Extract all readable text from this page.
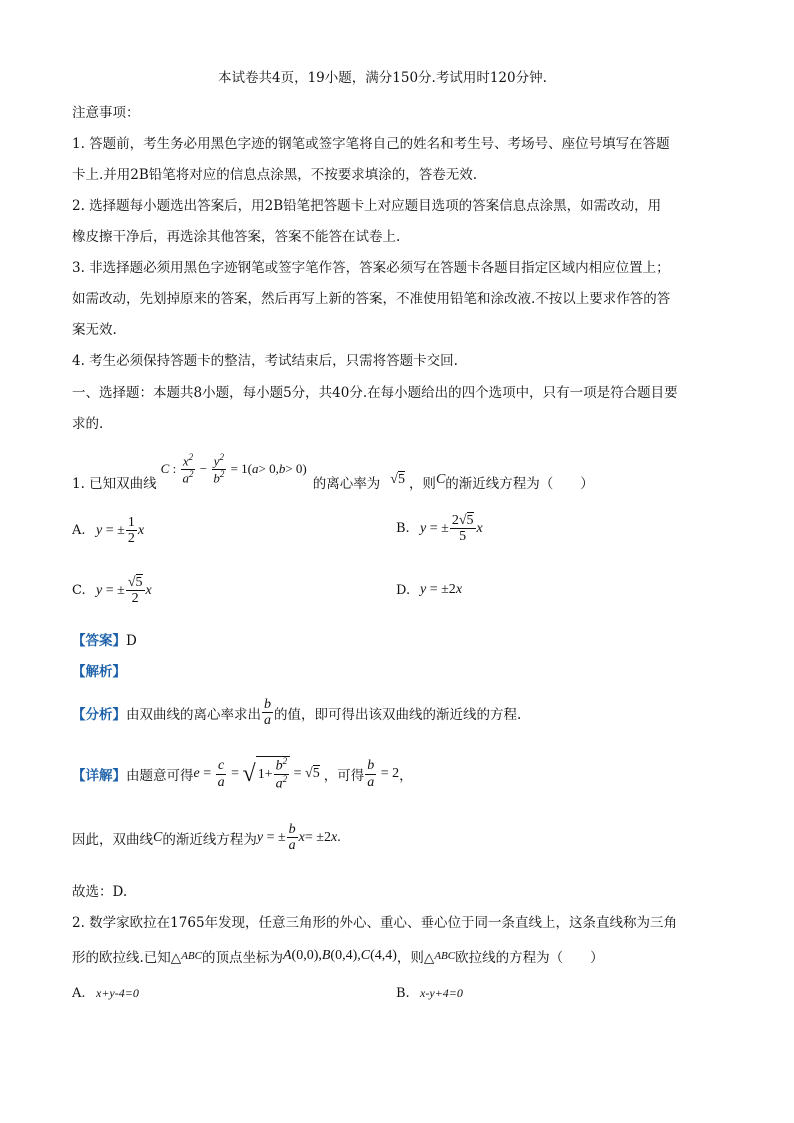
本试卷共4页，19小题，满分150分.考试用时120分钟.
注意事项：
1. 答题前，考生务必用黑色字迹的钢笔或签字笔将自己的姓名和考生号、考场号、座位号填写在答题
卡上.并用2B铅笔将对应的信息点涂黑，不按要求填涂的，答卷无效.
2. 选择题每小题选出答案后，用2B铅笔把答题卡上对应题目选项的答案信息点涂黑，如需改动，用
橡皮擦干净后，再选涂其他答案，答案不能答在试卷上.
3. 非选择题必须用黑色字迹钢笔或签字笔作答，答案必须写在答题卡各题目指定区域内相应位置上；
如需改动，先划掉原来的答案，然后再写上新的答案，不准使用铅笔和涂改液.不按以上要求作答的答
案无效.
4. 考生必须保持答题卡的整洁，考试结束后，只需将答题卡交回.
一、选择题：本题共8小题，每小题5分，共40分.在每小题给出的四个选项中，只有一项是符合题目要
求的.
1. 已知双曲线
C : $\frac{x^2}{a^2} - \frac{y^2}{b^2} = 1$( a > 0, b > 0)
的离心率为 √5 ，则 C 的渐近线方程为（　　）
A. y = ± $\frac{1}{2}$ x	B. y = ± $\frac{2√5}{5}$ x
C. y = ± $\frac{√5}{2}$ x	D. y = ±2x
【答案】D
【解析】
【分析】 由双曲线的离心率求出 $\frac{b}{a}$ 的值，即可得出该双曲线的渐近线的方程.
【详解】 由题意可得 $e = \frac{c}{a}$ = √ $1+ \frac{b^2}{a^2} = √5$ ，可得 $\frac{b}{a} = 2$ ，
因此，双曲线 C 的渐近线方程为 y = ± $\frac{b}{a}$ x = ±2 x .
故选：D.
2. 数学家欧拉在1765年发现，任意三角形的外心、重心、垂心位于同一条直线上，这条直线称为三角
形的欧拉线.已知△ ABC 的顶点坐标为 A(0,0),B(0,4),C(4,4) ，则△ ABC 欧拉线的方程为（　　）
A. x+y-4=0	B. x-y+4=0
